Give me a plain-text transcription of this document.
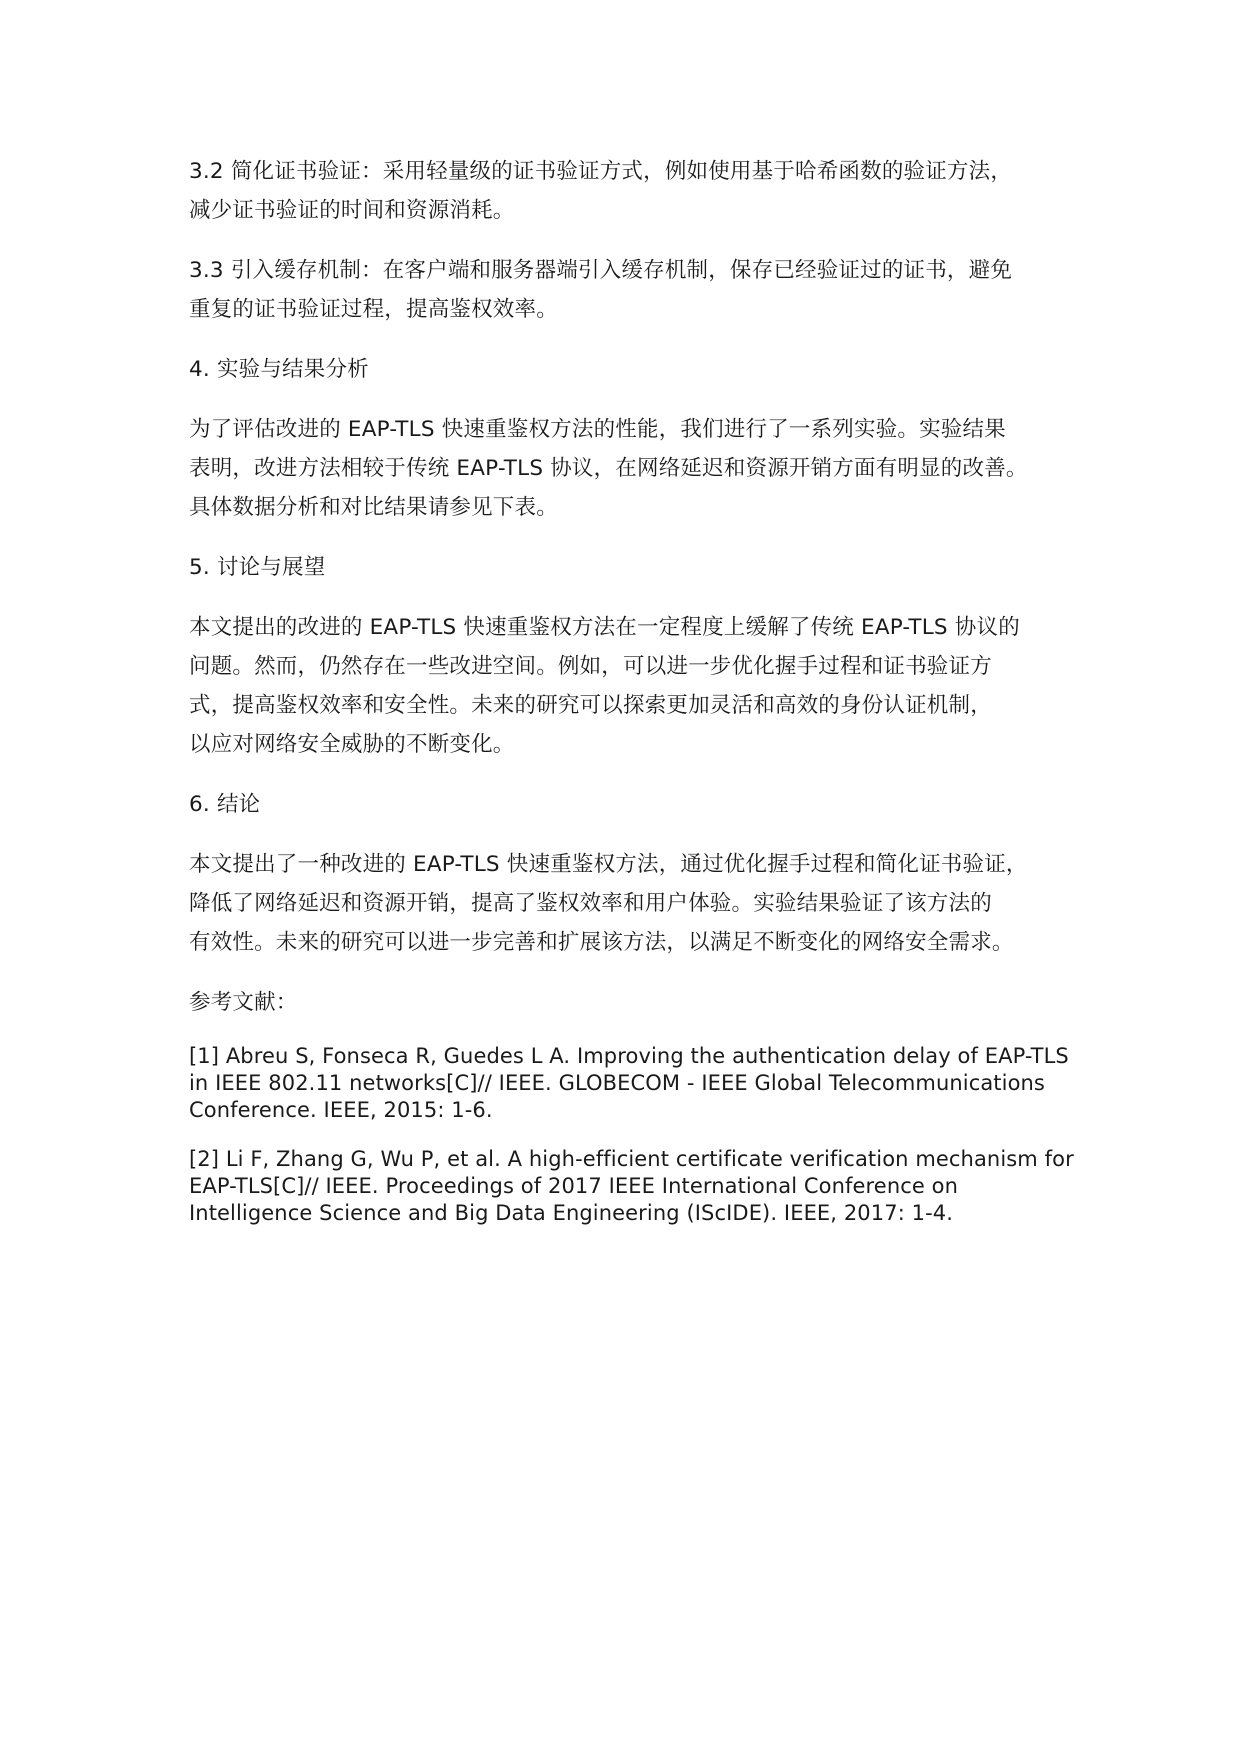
3.2 简化证书验证：采用轻量级的证书验证方式，例如使用基于哈希函数的验证方法，
减少证书验证的时间和资源消耗。
3.3 引入缓存机制：在客户端和服务器端引入缓存机制，保存已经验证过的证书，避免
重复的证书验证过程，提高鉴权效率。
4. 实验与结果分析
为了评估改进的 EAP-TLS 快速重鉴权方法的性能，我们进行了一系列实验。实验结果
表明，改进方法相较于传统 EAP-TLS 协议，在网络延迟和资源开销方面有明显的改善。
具体数据分析和对比结果请参见下表。
5. 讨论与展望
本文提出的改进的 EAP-TLS 快速重鉴权方法在一定程度上缓解了传统 EAP-TLS 协议的
问题。然而，仍然存在一些改进空间。例如，可以进一步优化握手过程和证书验证方
式，提高鉴权效率和安全性。未来的研究可以探索更加灵活和高效的身份认证机制，
以应对网络安全威胁的不断变化。
6. 结论
本文提出了一种改进的 EAP-TLS 快速重鉴权方法，通过优化握手过程和简化证书验证，
降低了网络延迟和资源开销，提高了鉴权效率和用户体验。实验结果验证了该方法的
有效性。未来的研究可以进一步完善和扩展该方法，以满足不断变化的网络安全需求。
参考文献：
[1] Abreu S, Fonseca R, Guedes L A. Improving the authentication delay of EAP-TLS
in IEEE 802.11 networks[C]// IEEE. GLOBECOM - IEEE Global Telecommunications
Conference. IEEE, 2015: 1-6.
[2] Li F, Zhang G, Wu P, et al. A high-efficient certificate verification mechanism for
EAP-TLS[C]// IEEE. Proceedings of 2017 IEEE International Conference on
Intelligence Science and Big Data Engineering (IScIDE). IEEE, 2017: 1-4.
